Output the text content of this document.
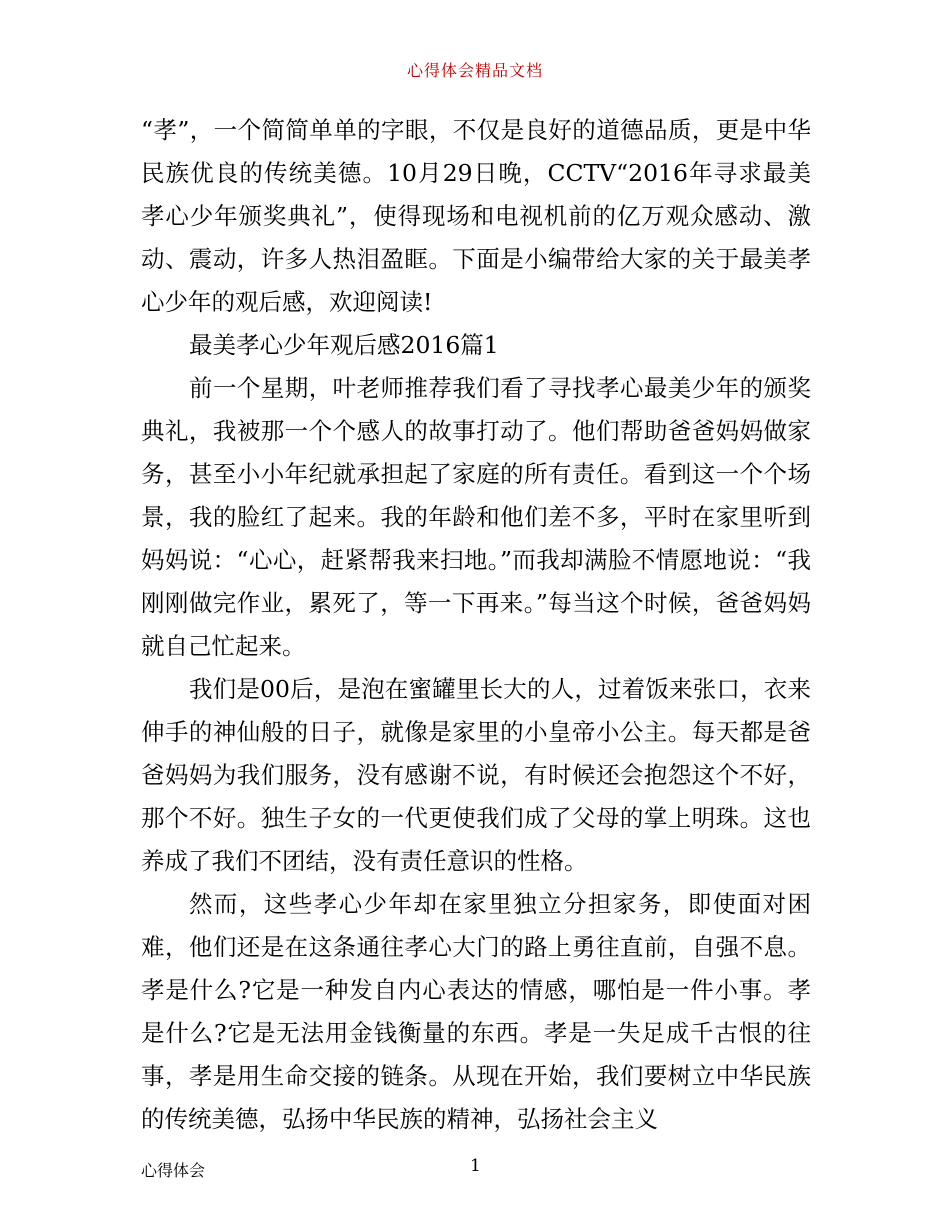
心得体会精品文档

“孝”，一个简简单单的字眼，不仅是良好的道德品质，更是中华民族优良的传统美德。10月29日晚，CCTV“2016年寻求最美孝心少年颁奖典礼”，使得现场和电视机前的亿万观众感动、激动、震动，许多人热泪盈眶。下面是小编带给大家的关于最美孝心少年的观后感，欢迎阅读!

最美孝心少年观后感2016篇1

前一个星期，叶老师推荐我们看了寻找孝心最美少年的颁奖典礼，我被那一个个感人的故事打动了。他们帮助爸爸妈妈做家务，甚至小小年纪就承担起了家庭的所有责任。看到这一个个场景，我的脸红了起来。我的年龄和他们差不多，平时在家里听到妈妈说：“心心，赶紧帮我来扫地。”而我却满脸不情愿地说：“我刚刚做完作业，累死了，等一下再来。”每当这个时候，爸爸妈妈就自己忙起来。

我们是00后，是泡在蜜罐里长大的人，过着饭来张口，衣来伸手的神仙般的日子，就像是家里的小皇帝小公主。每天都是爸爸妈妈为我们服务，没有感谢不说，有时候还会抱怨这个不好，那个不好。独生子女的一代更使我们成了父母的掌上明珠。这也养成了我们不团结，没有责任意识的性格。

然而，这些孝心少年却在家里独立分担家务，即使面对困难，他们还是在这条通往孝心大门的路上勇往直前，自强不息。孝是什么?它是一种发自内心表达的情感，哪怕是一件小事。孝是什么?它是无法用金钱衡量的东西。孝是一失足成千古恨的往事，孝是用生命交接的链条。从现在开始，我们要树立中华民族的传统美德，弘扬中华民族的精神，弘扬社会主义

心得体会	1
